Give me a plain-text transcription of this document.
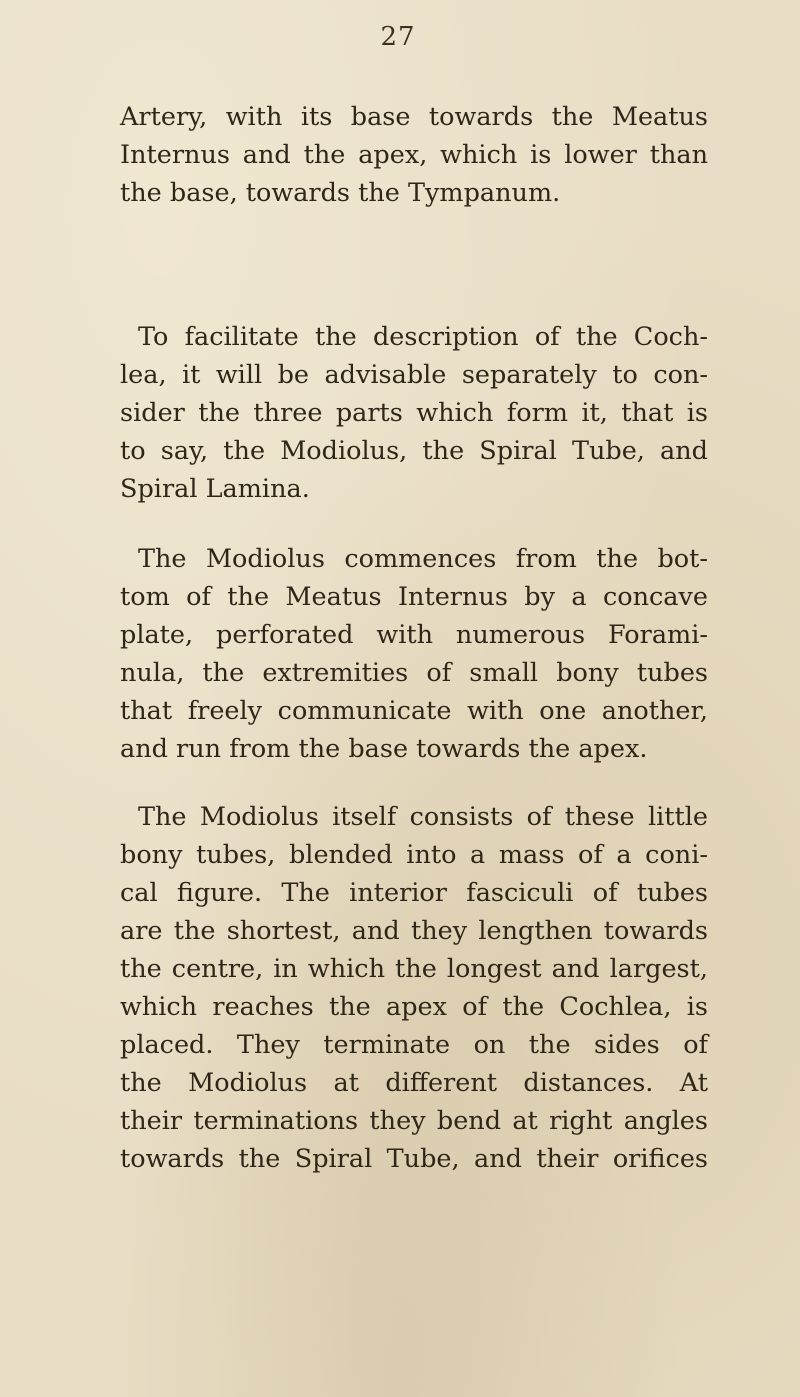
27
Artery, with its base towards the Meatus
Internus and the apex, which is lower than
the base, towards the Tympanum.
To facilitate the description of the Coch-
lea, it will be advisable separately to con-
sider the three parts which form it, that is
to say, the Modiolus, the Spiral Tube, and
Spiral Lamina.
The Modiolus commences from the bot-
tom of the Meatus Internus by a concave
plate, perforated with numerous Forami-
nula, the extremities of small bony tubes
that freely communicate with one another,
and run from the base towards the apex.
The Modiolus itself consists of these little
bony tubes, blended into a mass of a coni-
cal figure. The interior fasciculi of tubes
are the shortest, and they lengthen towards
the centre, in which the longest and largest,
which reaches the apex of the Cochlea, is
placed. They terminate on the sides of
the Modiolus at different distances. At
their terminations they bend at right angles
towards the Spiral Tube, and their orifices
